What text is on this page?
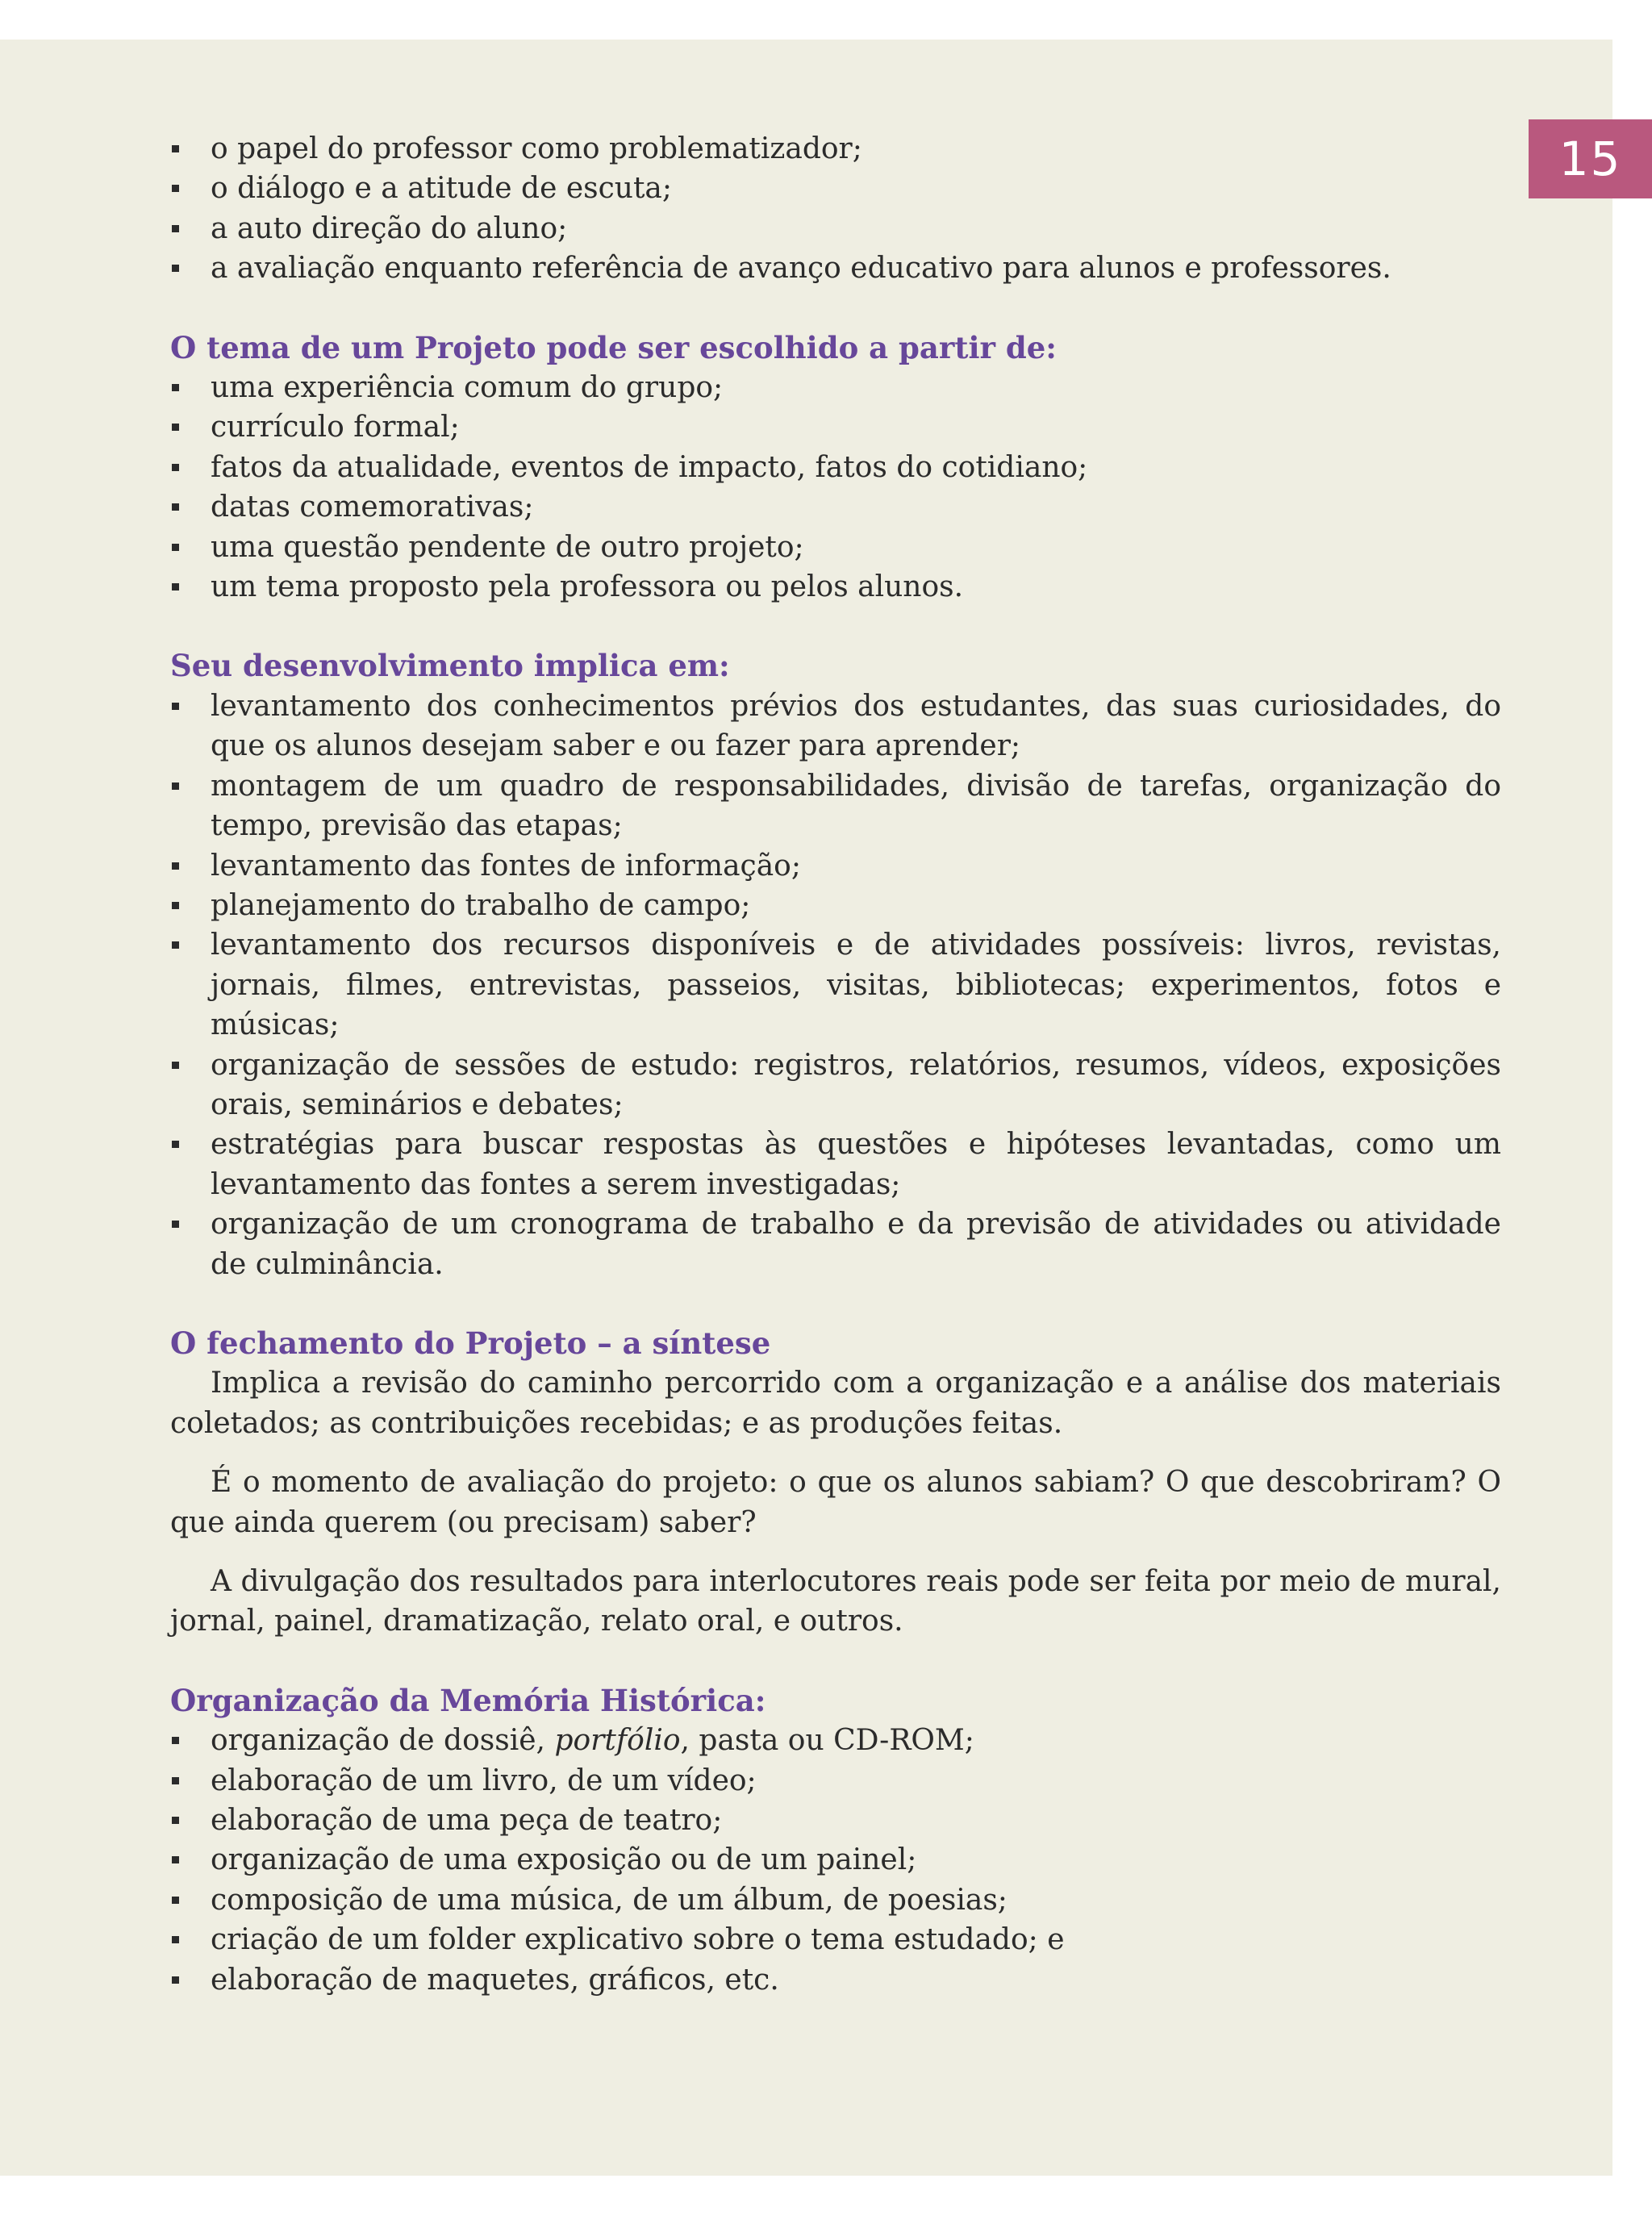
15
o papel do professor como problematizador;
o diálogo e a atitude de escuta;
a auto direção do aluno;
a avaliação enquanto referência de avanço educativo para alunos e professores.
O tema de um Projeto pode ser escolhido a partir de:
uma experiência comum do grupo;
currículo formal;
fatos da atualidade, eventos de impacto, fatos do cotidiano;
datas comemorativas;
uma questão pendente de outro projeto;
um tema proposto pela professora ou pelos alunos.
Seu desenvolvimento implica em:
levantamento dos conhecimentos prévios dos estudantes, das suas curiosidades, do que os alunos desejam saber e ou fazer para aprender;
montagem de um quadro de responsabilidades, divisão de tarefas, organização do tempo, previsão das etapas;
levantamento das fontes de informação;
planejamento do trabalho de campo;
levantamento dos recursos disponíveis e de atividades possíveis: livros, revistas, jornais, filmes, entrevistas, passeios, visitas, bibliotecas; experimentos, fotos e músicas;
organização de sessões de estudo: registros, relatórios, resumos, vídeos, exposições orais, seminários e debates;
estratégias para buscar respostas às questões e hipóteses levantadas, como um levantamento das fontes a serem investigadas;
organização de um cronograma de trabalho e da previsão de atividades ou atividade de culminância.
O fechamento do Projeto – a síntese

Implica a revisão do caminho percorrido com a organização e a análise dos materiais coletados; as contribuições recebidas; e as produções feitas.

É o momento de avaliação do projeto: o que os alunos sabiam? O que descobriram? O que ainda querem (ou precisam) saber?

A divulgação dos resultados para interlocutores reais pode ser feita por meio de mural, jornal, painel, dramatização, relato oral, e outros.

Organização da Memória Histórica:
organização de dossiê, portfólio, pasta ou CD-ROM;
elaboração de um livro, de um vídeo;
elaboração de uma peça de teatro;
organização de uma exposição ou de um painel;
composição de uma música, de um álbum, de poesias;
criação de um folder explicativo sobre o tema estudado; e
elaboração de maquetes, gráficos, etc.
